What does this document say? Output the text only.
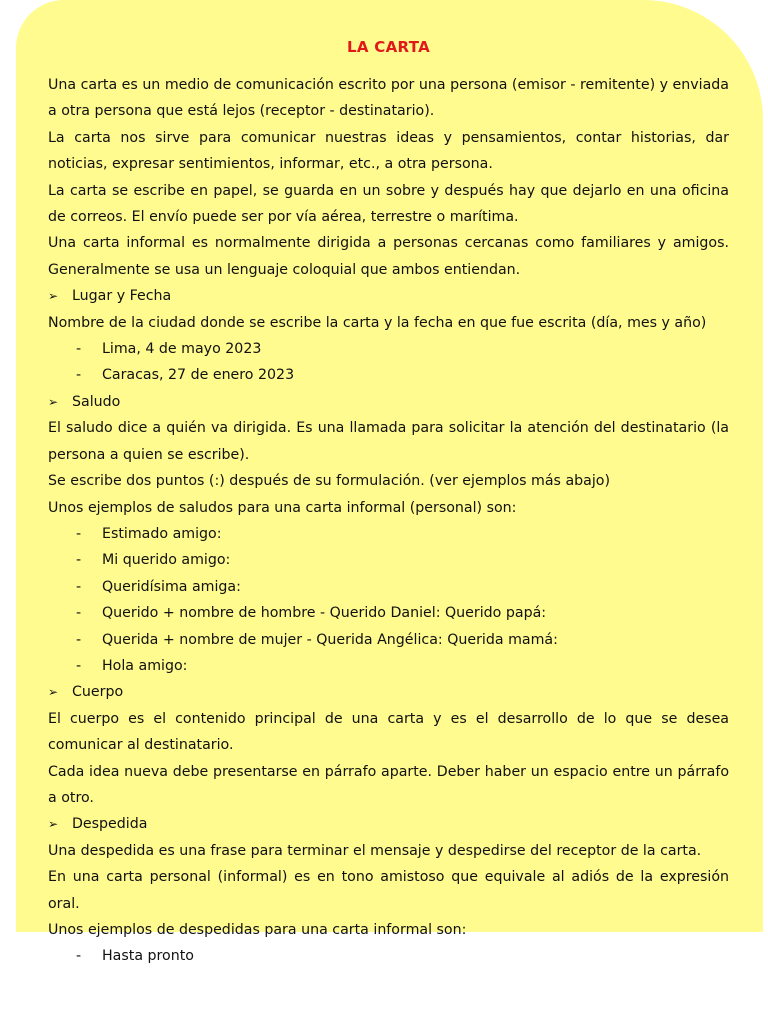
LA CARTA

Una carta es un medio de comunicación escrito por una persona (emisor - remitente) y enviada a otra persona que está lejos (receptor - destinatario).

La carta nos sirve para comunicar nuestras ideas y pensamientos, contar historias, dar noticias, expresar sentimientos, informar, etc., a otra persona.

La carta se escribe en papel, se guarda en un sobre y después hay que dejarlo en una oficina de correos. El envío puede ser por vía aérea, terrestre o marítima.

Una carta informal es normalmente dirigida a personas cercanas como familiares y amigos. Generalmente se usa un lenguaje coloquial que ambos entiendan.

➢ Lugar y Fecha

Nombre de la ciudad donde se escribe la carta y la fecha en que fue escrita (día, mes y año)

-	Lima, 4 de mayo 2023
-	Caracas, 27 de enero 2023
➢ Saludo

El saludo dice a quién va dirigida. Es una llamada para solicitar la atención del destinatario (la persona a quien se escribe).

Se escribe dos puntos (:) después de su formulación. (ver ejemplos más abajo)

Unos ejemplos de saludos para una carta informal (personal) son:

-	Estimado amigo:
-	Mi querido amigo:
-	Queridísima amiga:
-	Querido + nombre de hombre - Querido Daniel: Querido papá:
-	Querida + nombre de mujer - Querida Angélica: Querida mamá:
-	Hola amigo:
➢ Cuerpo

El cuerpo es el contenido principal de una carta y es el desarrollo de lo que se desea comunicar al destinatario.

Cada idea nueva debe presentarse en párrafo aparte. Deber haber un espacio entre un párrafo a otro.

➢ Despedida

Una despedida es una frase para terminar el mensaje y despedirse del receptor de la carta.

En una carta personal (informal) es en tono amistoso que equivale al adiós de la expresión oral.

Unos ejemplos de despedidas para una carta informal son:

-	Hasta pronto
